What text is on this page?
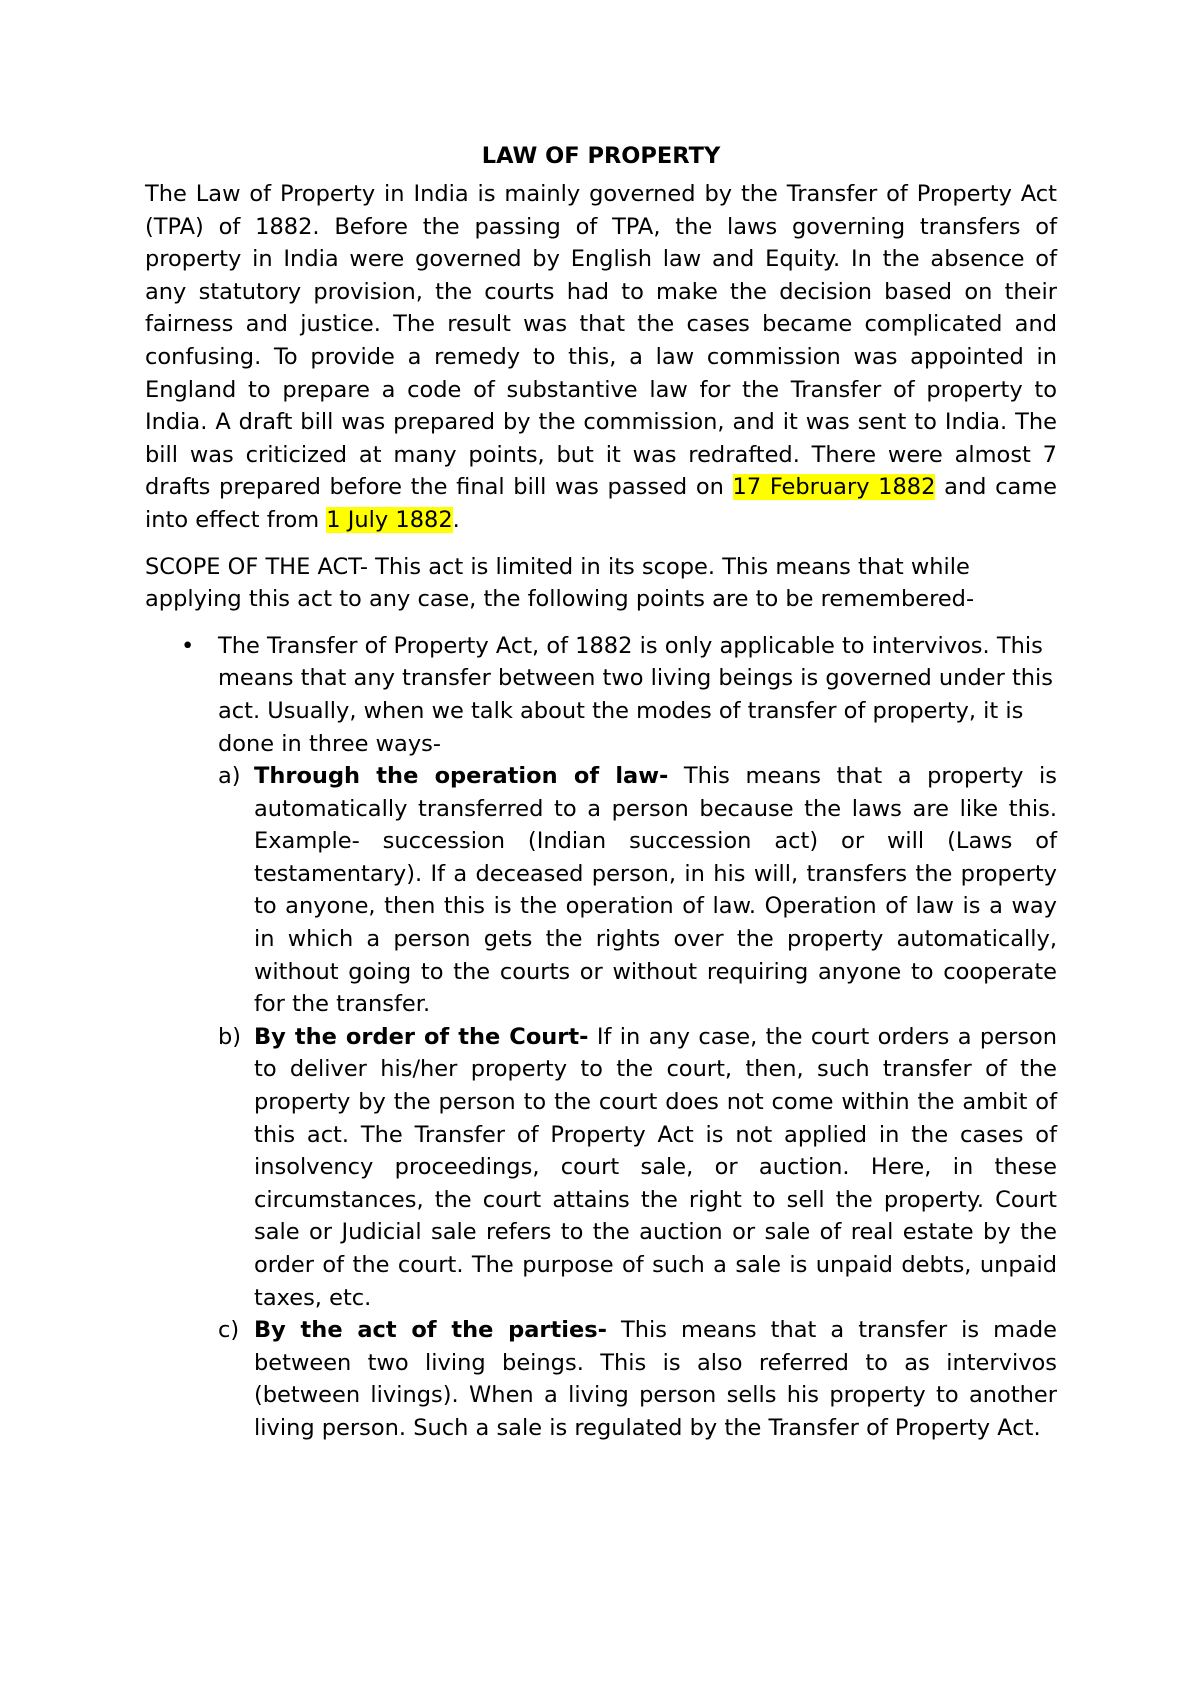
LAW OF PROPERTY

The Law of Property in India is mainly governed by the Transfer of Property Act (TPA) of 1882. Before the passing of TPA, the laws governing transfers of property in India were governed by English law and Equity. In the absence of any statutory provision, the courts had to make the decision based on their fairness and justice. The result was that the cases became complicated and confusing. To provide a remedy to this, a law commission was appointed in England to prepare a code of substantive law for the Transfer of property to India. A draft bill was prepared by the commission, and it was sent to India. The bill was criticized at many points, but it was redrafted. There were almost 7 drafts prepared before the final bill was passed on 17 February 1882 and came into effect from 1 July 1882.

SCOPE OF THE ACT- This act is limited in its scope. This means that while applying this act to any case, the following points are to be remembered-

• The Transfer of Property Act, of 1882 is only applicable to intervivos. This means that any transfer between two living beings is governed under this act. Usually, when we talk about the modes of transfer of property, it is done in three ways-
a) Through the operation of law- This means that a property is automatically transferred to a person because the laws are like this. Example- succession (Indian succession act) or will (Laws of testamentary). If a deceased person, in his will, transfers the property to anyone, then this is the operation of law. Operation of law is a way in which a person gets the rights over the property automatically, without going to the courts or without requiring anyone to cooperate for the transfer.
b) By the order of the Court- If in any case, the court orders a person to deliver his/her property to the court, then, such transfer of the property by the person to the court does not come within the ambit of this act. The Transfer of Property Act is not applied in the cases of insolvency proceedings, court sale, or auction. Here, in these circumstances, the court attains the right to sell the property. Court sale or Judicial sale refers to the auction or sale of real estate by the order of the court. The purpose of such a sale is unpaid debts, unpaid taxes, etc.
c) By the act of the parties- This means that a transfer is made between two living beings. This is also referred to as intervivos (between livings). When a living person sells his property to another living person. Such a sale is regulated by the Transfer of Property Act.
